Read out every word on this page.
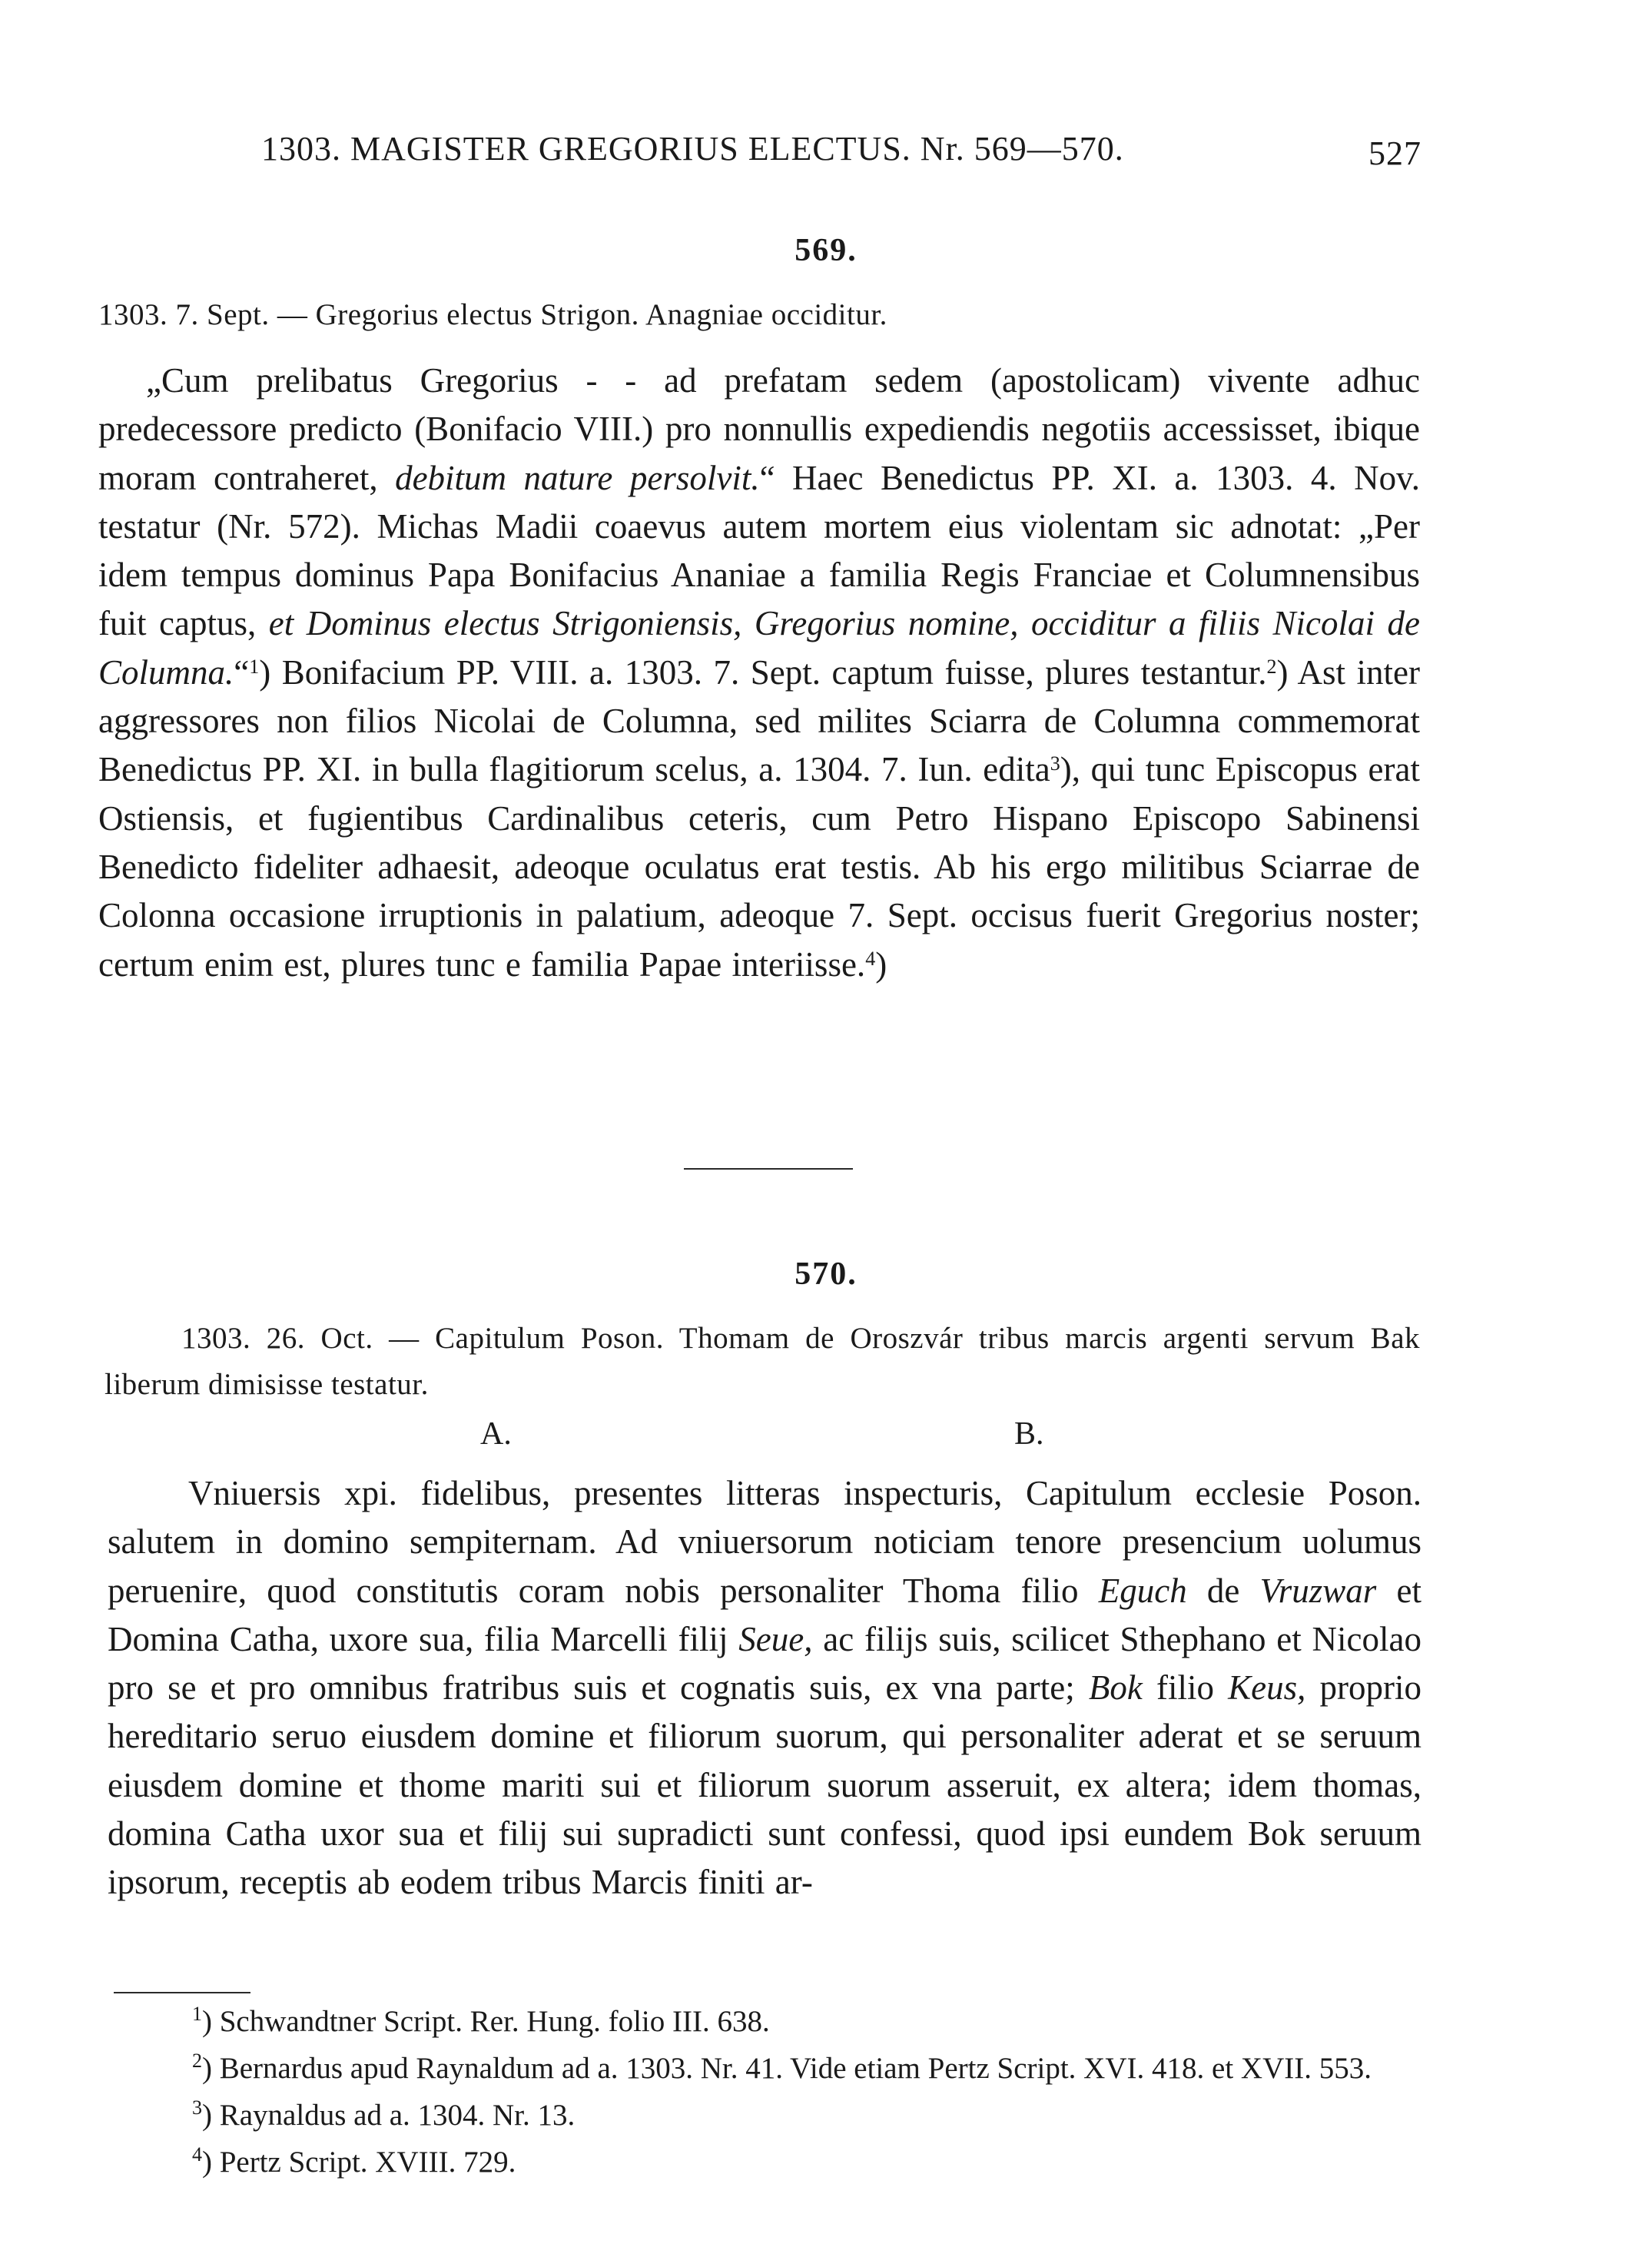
1303. MAGISTER GREGORIUS ELECTUS. Nr. 569—570.	527
569.
1303. 7. Sept. — Gregorius electus Strigon. Anagniae occiditur.
„Cum prelibatus Gregorius - - ad prefatam sedem (apostolicam) vivente adhuc predecessore predicto (Bonifacio VIII.) pro nonnullis expediendis negotiis accessisset, ibique moram contraheret, debitum nature persolvit.“ Haec Benedictus PP. XI. a. 1303. 4. Nov. testatur (Nr. 572). Michas Madii coaevus autem mortem eius violentam sic adnotat: „Per idem tempus dominus Papa Bonifacius Ananiae a familia Regis Franciae et Columnensibus fuit captus, et Dominus electus Strigoniensis, Gregorius nomine, occiditur a filiis Nicolai de Columna.“$^1$) Bonifacium PP. VIII. a. 1303. 7. Sept. captum fuisse, plures testantur.$^2$) Ast inter aggressores non filios Nicolai de Columna, sed milites Sciarra de Columna commemorat Benedictus PP. XI. in bulla flagitiorum scelus, a. 1304. 7. Iun. edita$^3$), qui tunc Episcopus erat Ostiensis, et fugientibus Cardinalibus ceteris, cum Petro Hispano Episcopo Sabinensi Benedicto fideliter adhaesit, adeoque oculatus erat testis. Ab his ergo militibus Sciarrae de Colonna occasione irruptionis in palatium, adeoque 7. Sept. occisus fuerit Gregorius noster; certum enim est, plures tunc e familia Papae interiisse.$^4$)
570.
1303. 26. Oct. — Capitulum Poson. Thomam de Oroszvár tribus marcis argenti servum Bak liberum dimisisse testatur.
A.	B.
Vniuersis xpi. fidelibus, presentes litteras inspecturis, Capitulum ecclesie Poson. salutem in domino sempiternam. Ad vniuersorum noticiam tenore presencium uolumus peruenire, quod constitutis coram nobis personaliter Thoma filio Eguch de Vruzwar et Domina Catha, uxore sua, filia Marcelli filij Seue, ac filijs suis, scilicet Sthephano et Nicolao pro se et pro omnibus fratribus suis et cognatis suis, ex vna parte; Bok filio Keus, proprio hereditario seruo eiusdem domine et filiorum suorum, qui personaliter aderat et se seruum eiusdem domine et thome mariti sui et filiorum suorum asseruit, ex altera; idem thomas, domina Catha uxor sua et filij sui supradicti sunt confessi, quod ipsi eundem Bok seruum ipsorum, receptis ab eodem tribus Marcis finiti ar-
$^1$) Schwandtner Script. Rer. Hung. folio III. 638.
$^2$) Bernardus apud Raynaldum ad a. 1303. Nr. 41. Vide etiam Pertz Script. XVI. 418. et XVII. 553.
$^3$) Raynaldus ad a. 1304. Nr. 13.
$^4$) Pertz Script. XVIII. 729.
